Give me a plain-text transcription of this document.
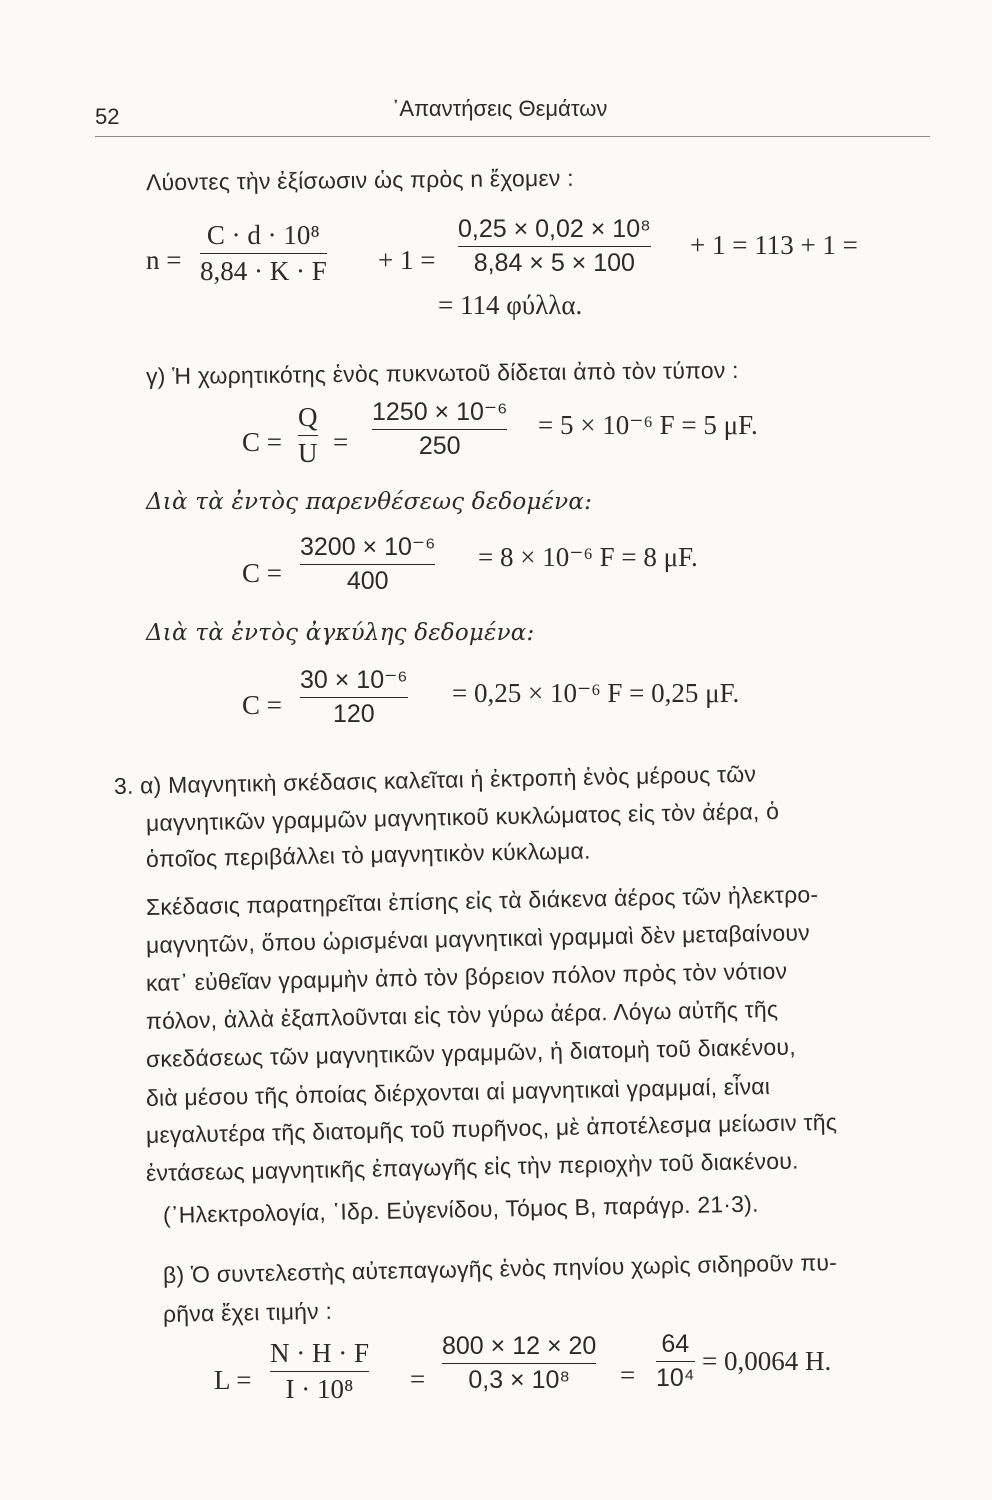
52	᾿Απαντήσεις Θεμάτων
Λύοντες τὴν ἐξίσωσιν ὡς πρὸς n ἔχομεν :
n =
C · d · 10⁸
8,84 · K · F + 1 =
0,25 × 0,02 × 10⁸
8,84 × 5 × 100
+ 1 = 113 + 1 =
= 114 φύλλα.
γ) Ἡ χωρητικότης ἑνὸς πυκνωτοῦ δίδεται ἀπὸ τὸν τύπον :
C =
Q
U =
1250 × 10⁻⁶
250
= 5 × 10⁻⁶ F = 5 μF.
Διὰ τὰ ἐντὸς παρενθέσεως δεδομένα:
C =
3200 × 10⁻⁶
400
= 8 × 10⁻⁶ F = 8 μF.
Διὰ τὰ ἐντὸς ἀγκύλης δεδομένα:
C =
30 × 10⁻⁶
120
= 0,25 × 10⁻⁶ F = 0,25 μF.
3. α) Μαγνητικὴ σκέδασις καλεῖται ἡ ἐκτροπὴ ἑνὸς μέρους τῶν
μαγνητικῶν γραμμῶν μαγνητικοῦ κυκλώματος εἰς τὸν ἀέρα, ὁ
ὁποῖος περιβάλλει τὸ μαγνητικὸν κύκλωμα.
Σκέδασις παρατηρεῖται ἐπίσης εἰς τὰ διάκενα ἀέρος τῶν ἠλεκτρο-
μαγνητῶν, ὅπου ὡρισμέναι μαγνητικαὶ γραμμαὶ δὲν μεταβαίνουν
κατ᾿ εὐθεῖαν γραμμὴν ἀπὸ τὸν βόρειον πόλον πρὸς τὸν νότιον
πόλον, ἀλλὰ ἐξαπλοῦνται εἰς τὸν γύρω ἀέρα. Λόγω αὐτῆς τῆς
σκεδάσεως τῶν μαγνητικῶν γραμμῶν, ἡ διατομὴ τοῦ διακένου,
διὰ μέσου τῆς ὁποίας διέρχονται αἱ μαγνητικαὶ γραμμαί, εἶναι
μεγαλυτέρα τῆς διατομῆς τοῦ πυρῆνος, μὲ ἀποτέλεσμα μείωσιν τῆς
ἐντάσεως μαγνητικῆς ἐπαγωγῆς εἰς τὴν περιοχὴν τοῦ διακένου.
(᾿Ηλεκτρολογία, ῾Ιδρ. Εὐγενίδου, Τόμος Β, παράγρ. 21·3).
β) Ὁ συντελεστὴς αὐτεπαγωγῆς ἑνὸς πηνίου χωρὶς σιδηροῦν πυ-
ρῆνα ἔχει τιμήν :
L =
N · H · F
I · 10⁸ =
800 × 12 × 20
0,3 × 10⁸ =
64
10⁴
= 0,0064 H.
